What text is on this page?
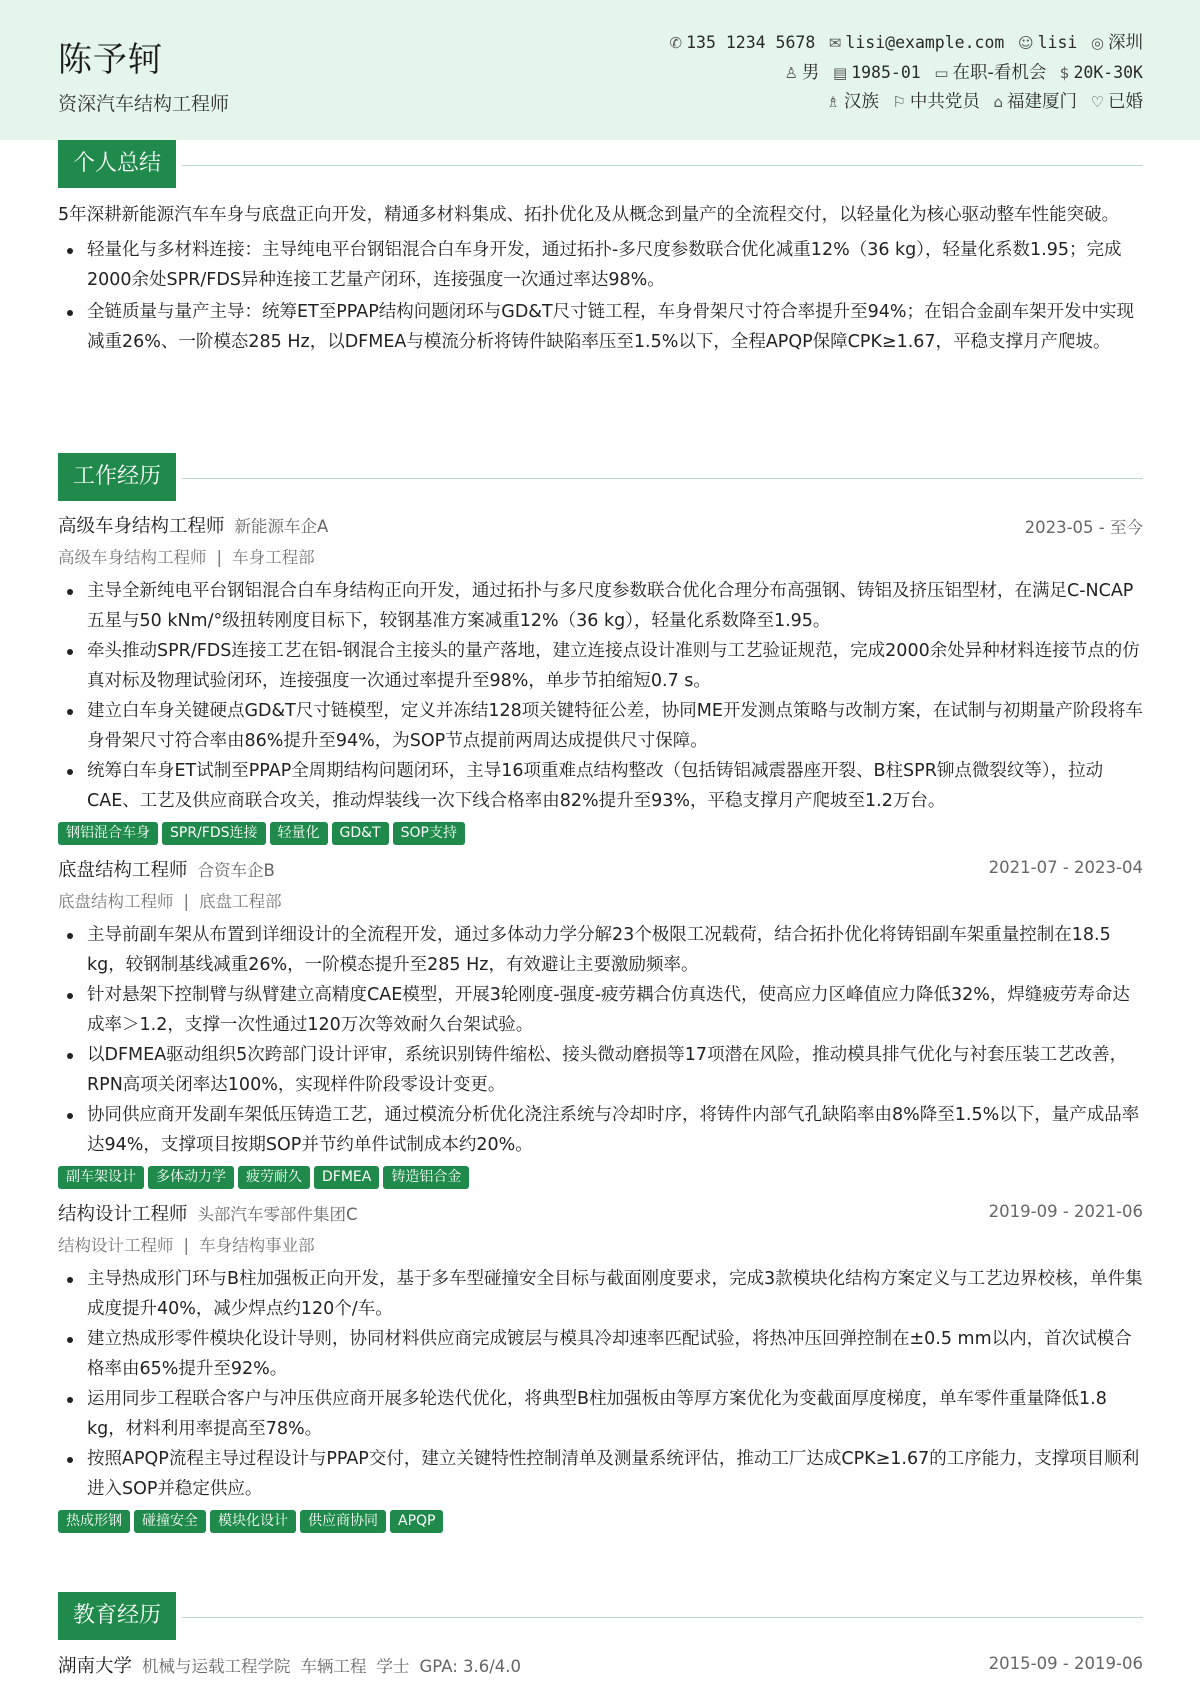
陈予轲
资深汽车结构工程师
✆ 135 1234 5678 ✉ lisi@example.com ☺ lisi ◎ 深圳
♙ 男 ▤ 1985-01 ▭ 在职-看机会 $ 20K-30K
♗ 汉族 ⚐ 中共党员 ⌂ 福建厦门 ♡ 已婚
个人总结
5年深耕新能源汽车车身与底盘正向开发，精通多材料集成、拓扑优化及从概念到量产的全流程交付，以轻量化为核心驱动整车性能突破。
轻量化与多材料连接：主导纯电平台钢铝混合白车身开发，通过拓扑-多尺度参数联合优化减重12%（36 kg），轻量化系数1.95；完成2000余处SPR/FDS异种连接工艺量产闭环，连接强度一次通过率达98%。
全链质量与量产主导：统筹ET至PPAP结构问题闭环与GD&T尺寸链工程，车身骨架尺寸符合率提升至94%；在铝合金副车架开发中实现减重26%、一阶模态285 Hz，以DFMEA与模流分析将铸件缺陷率压至1.5%以下，全程APQP保障CPK≥1.67，平稳支撑月产爬坡。
工作经历
高级车身结构工程师 新能源车企A	2023-05 - 至今
高级车身结构工程师 | 车身工程部
主导全新纯电平台钢铝混合白车身结构正向开发，通过拓扑与多尺度参数联合优化合理分布高强钢、铸铝及挤压铝型材，在满足C-NCAP五星与50 kNm/°级扭转刚度目标下，较钢基准方案减重12%（36 kg），轻量化系数降至1.95。
牵头推动SPR/FDS连接工艺在铝-钢混合主接头的量产落地，建立连接点设计准则与工艺验证规范，完成2000余处异种材料连接节点的仿真对标及物理试验闭环，连接强度一次通过率提升至98%，单步节拍缩短0.7 s。
建立白车身关键硬点GD&T尺寸链模型，定义并冻结128项关键特征公差，协同ME开发测点策略与改制方案，在试制与初期量产阶段将车身骨架尺寸符合率由86%提升至94%，为SOP节点提前两周达成提供尺寸保障。
统筹白车身ET试制至PPAP全周期结构问题闭环，主导16项重难点结构整改（包括铸铝减震器座开裂、B柱SPR铆点微裂纹等），拉动CAE、工艺及供应商联合攻关，推动焊装线一次下线合格率由82%提升至93%，平稳支撑月产爬坡至1.2万台。
钢铝混合车身 SPR/FDS连接 轻量化 GD&T SOP支持
底盘结构工程师 合资车企B	2021-07 - 2023-04
底盘结构工程师 | 底盘工程部
主导前副车架从布置到详细设计的全流程开发，通过多体动力学分解23个极限工况载荷，结合拓扑优化将铸铝副车架重量控制在18.5 kg，较钢制基线减重26%，一阶模态提升至285 Hz，有效避让主要激励频率。
针对悬架下控制臂与纵臂建立高精度CAE模型，开展3轮刚度-强度-疲劳耦合仿真迭代，使高应力区峰值应力降低32%，焊缝疲劳寿命达成率＞1.2，支撑一次性通过120万次等效耐久台架试验。
以DFMEA驱动组织5次跨部门设计评审，系统识别铸件缩松、接头微动磨损等17项潜在风险，推动模具排气优化与衬套压装工艺改善，RPN高项关闭率达100%，实现样件阶段零设计变更。
协同供应商开发副车架低压铸造工艺，通过模流分析优化浇注系统与冷却时序，将铸件内部气孔缺陷率由8%降至1.5%以下，量产成品率达94%，支撑项目按期SOP并节约单件试制成本约20%。
副车架设计 多体动力学 疲劳耐久 DFMEA 铸造铝合金
结构设计工程师 头部汽车零部件集团C	2019-09 - 2021-06
结构设计工程师 | 车身结构事业部
主导热成形门环与B柱加强板正向开发，基于多车型碰撞安全目标与截面刚度要求，完成3款模块化结构方案定义与工艺边界校核，单件集成度提升40%，减少焊点约120个/车。
建立热成形零件模块化设计导则，协同材料供应商完成镀层与模具冷却速率匹配试验，将热冲压回弹控制在±0.5 mm以内，首次试模合格率由65%提升至92%。
运用同步工程联合客户与冲压供应商开展多轮迭代优化，将典型B柱加强板由等厚方案优化为变截面厚度梯度，单车零件重量降低1.8 kg，材料利用率提高至78%。
按照APQP流程主导过程设计与PPAP交付，建立关键特性控制清单及测量系统评估，推动工厂达成CPK≥1.67的工序能力，支撑项目顺利进入SOP并稳定供应。
热成形钢 碰撞安全 模块化设计 供应商协同 APQP
教育经历
湖南大学 机械与运载工程学院 车辆工程 学士 GPA: 3.6/4.0	2015-09 - 2019-06
